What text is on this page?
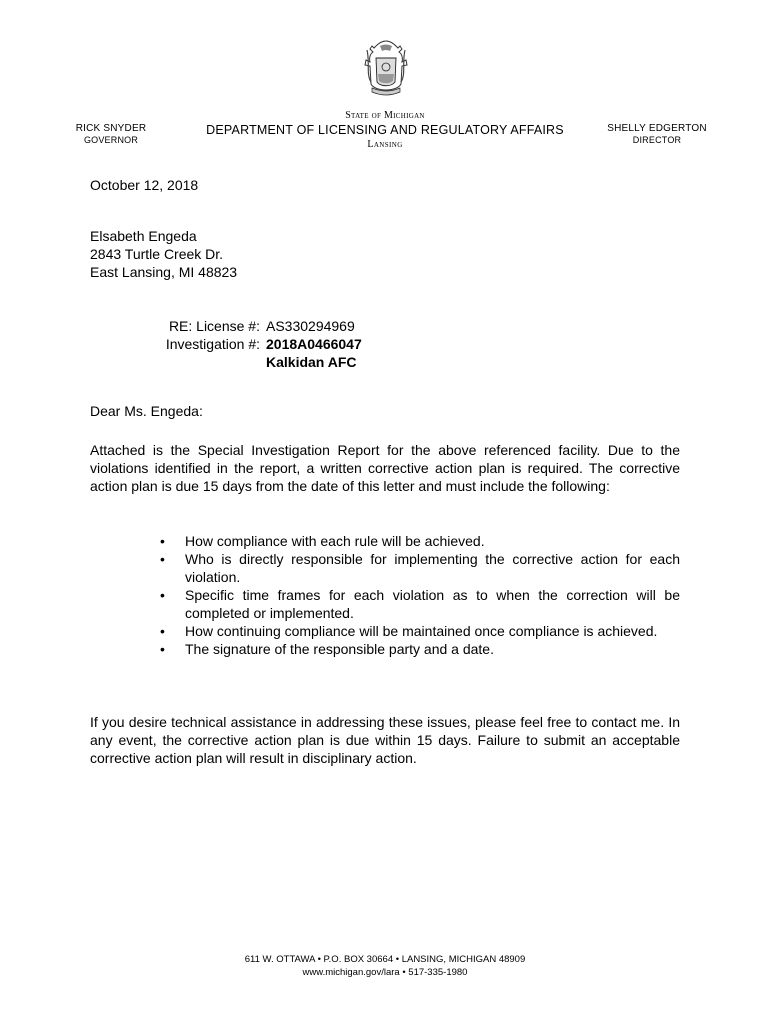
RICK SNYDER
GOVERNOR
State of Michigan
DEPARTMENT OF LICENSING AND REGULATORY AFFAIRS
Lansing
SHELLY EDGERTON
DIRECTOR
October 12, 2018
Elsabeth Engeda
2843 Turtle Creek Dr.
East Lansing, MI 48823
RE: License #: AS330294969
Investigation #: 2018A0466047
Kalkidan AFC
Dear Ms. Engeda:
Attached is the Special Investigation Report for the above referenced facility. Due to the violations identified in the report, a written corrective action plan is required. The corrective action plan is due 15 days from the date of this letter and must include the following:
• How compliance with each rule will be achieved.
• Who is directly responsible for implementing the corrective action for each violation.
• Specific time frames for each violation as to when the correction will be completed or implemented.
• How continuing compliance will be maintained once compliance is achieved.
• The signature of the responsible party and a date.
If you desire technical assistance in addressing these issues, please feel free to contact me. In any event, the corrective action plan is due within 15 days. Failure to submit an acceptable corrective action plan will result in disciplinary action.
611 W. OTTAWA • P.O. BOX 30664 • LANSING, MICHIGAN 48909
www.michigan.gov/lara • 517-335-1980
